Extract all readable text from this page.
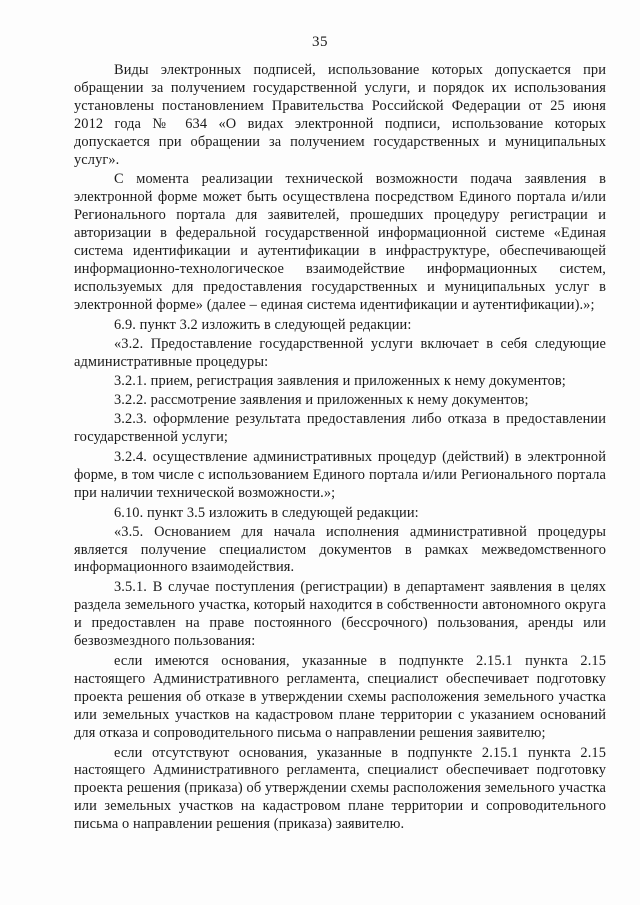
35

Виды электронных подписей, использование которых допускается при обращении за получением государственной услуги, и порядок их использования установлены постановлением Правительства Российской Федерации от 25 июня 2012 года № 634 «О видах электронной подписи, использование которых допускается при обращении за получением государственных и муниципальных услуг».

С момента реализации технической возможности подача заявления в электронной форме может быть осуществлена посредством Единого портала и/или Регионального портала для заявителей, прошедших процедуру регистрации и авторизации в федеральной государственной информационной системе «Единая система идентификации и аутентификации в инфраструктуре, обеспечивающей информационно-технологическое взаимодействие информационных систем, используемых для предоставления государственных и муниципальных услуг в электронной форме» (далее – единая система идентификации и аутентификации).»;

6.9. пункт 3.2 изложить в следующей редакции:

«3.2. Предоставление государственной услуги включает в себя следующие административные процедуры:

3.2.1. прием, регистрация заявления и приложенных к нему документов;

3.2.2. рассмотрение заявления и приложенных к нему документов;

3.2.3. оформление результата предоставления либо отказа в предоставлении государственной услуги;

3.2.4. осуществление административных процедур (действий) в электронной форме, в том числе с использованием Единого портала и/или Регионального портала при наличии технической возможности.»;

6.10. пункт 3.5 изложить в следующей редакции:

«3.5. Основанием для начала исполнения административной процедуры является получение специалистом документов в рамках межведомственного информационного взаимодействия.

3.5.1. В случае поступления (регистрации) в департамент заявления в целях раздела земельного участка, который находится в собственности автономного округа и предоставлен на праве постоянного (бессрочного) пользования, аренды или безвозмездного пользования:

если имеются основания, указанные в подпункте 2.15.1 пункта 2.15 настоящего Административного регламента, специалист обеспечивает подготовку проекта решения об отказе в утверждении схемы расположения земельного участка или земельных участков на кадастровом плане территории с указанием оснований для отказа и сопроводительного письма о направлении решения заявителю;

если отсутствуют основания, указанные в подпункте 2.15.1 пункта 2.15 настоящего Административного регламента, специалист обеспечивает подготовку проекта решения (приказа) об утверждении схемы расположения земельного участка или земельных участков на кадастровом плане территории и сопроводительного письма о направлении решения (приказа) заявителю.
